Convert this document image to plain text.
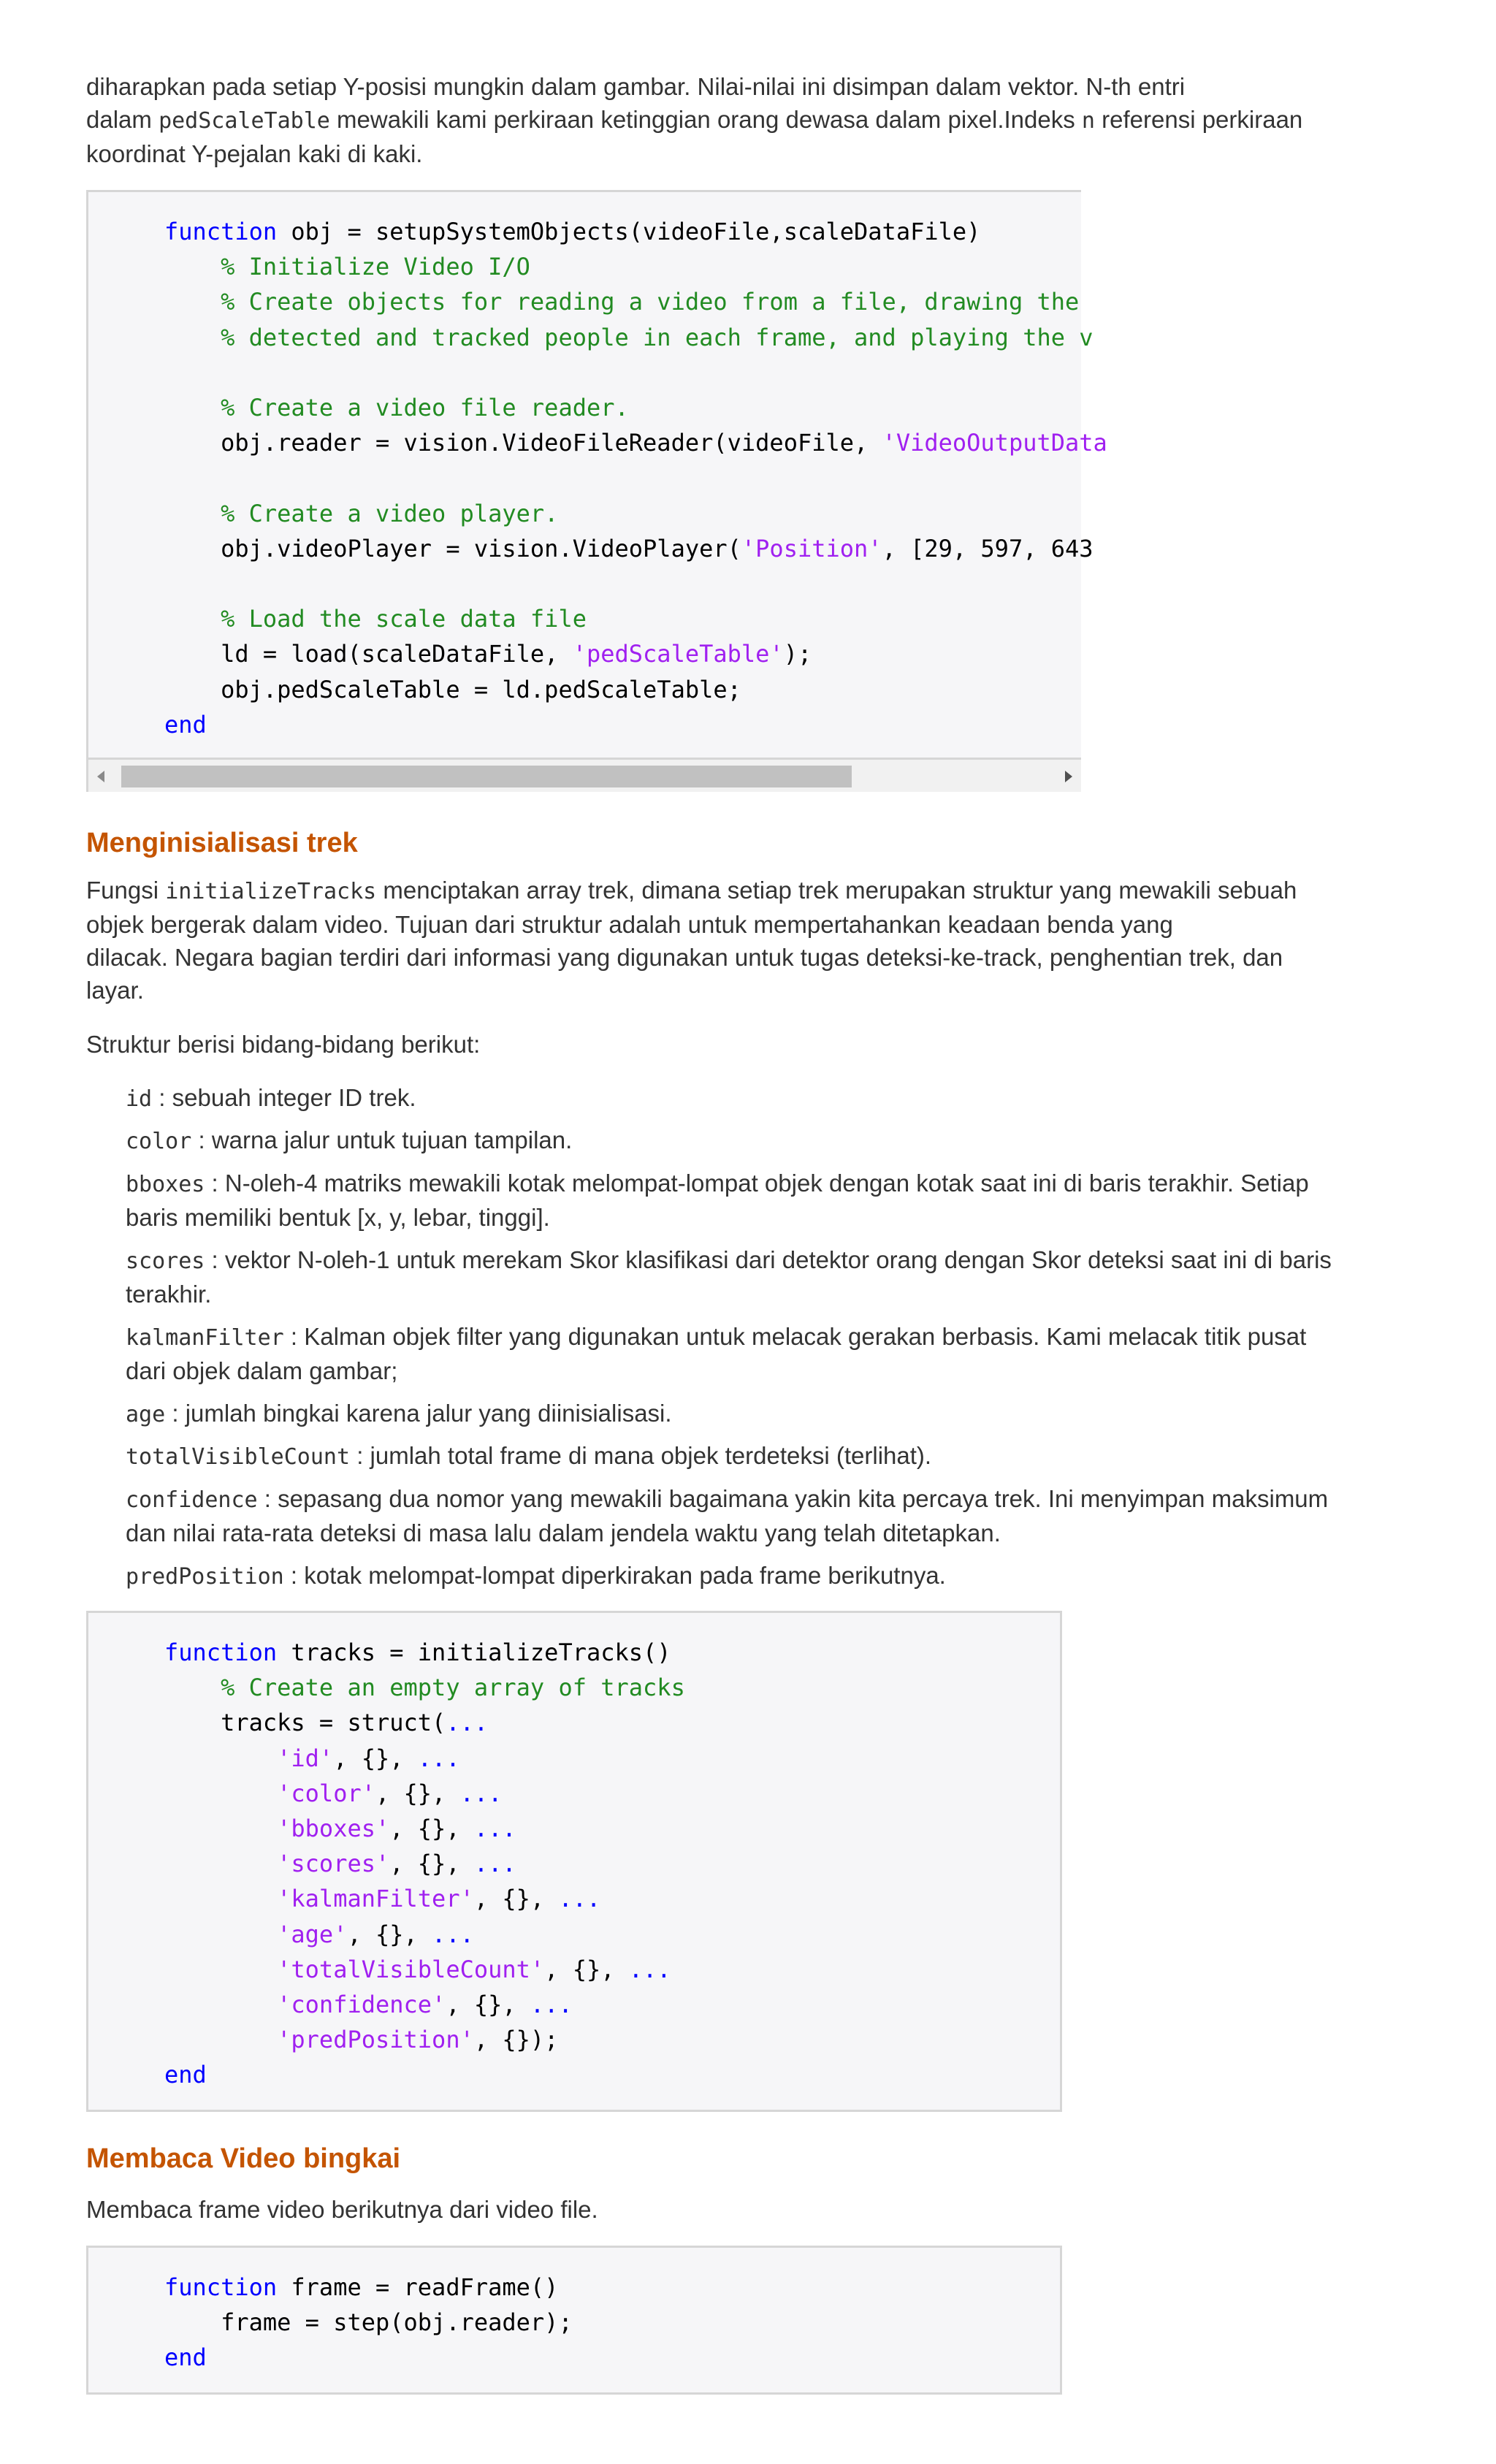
diharapkan pada setiap Y-posisi mungkin dalam gambar. Nilai-nilai ini disimpan dalam vektor. N-th entri
dalam pedScaleTable mewakili kami perkiraan ketinggian orang dewasa dalam pixel.Indeks n referensi perkiraan
koordinat Y-pejalan kaki di kaki.

function obj = setupSystemObjects(videoFile,scaleDataFile)
% Initialize Video I/O
% Create objects for reading a video from a file, drawing the
% detected and tracked people in each frame, and playing the v

% Create a video file reader.
obj.reader = vision.VideoFileReader(videoFile, 'VideoOutputData

% Create a video player.
obj.videoPlayer = vision.VideoPlayer('Position', [29, 597, 643

% Load the scale data file
ld = load(scaleDataFile, 'pedScaleTable');
obj.pedScaleTable = ld.pedScaleTable;
end
Menginisialisasi trek

Fungsi initializeTracks menciptakan array trek, dimana setiap trek merupakan struktur yang mewakili sebuah
objek bergerak dalam video. Tujuan dari struktur adalah untuk mempertahankan keadaan benda yang
dilacak. Negara bagian terdiri dari informasi yang digunakan untuk tugas deteksi-ke-track, penghentian trek, dan
layar.

Struktur berisi bidang-bidang berikut:

id : sebuah integer ID trek.
color : warna jalur untuk tujuan tampilan.
bboxes : N-oleh-4 matriks mewakili kotak melompat-lompat objek dengan kotak saat ini di baris terakhir. Setiap
baris memiliki bentuk [x, y, lebar, tinggi].
scores : vektor N-oleh-1 untuk merekam Skor klasifikasi dari detektor orang dengan Skor deteksi saat ini di baris
terakhir.
kalmanFilter : Kalman objek filter yang digunakan untuk melacak gerakan berbasis. Kami melacak titik pusat
dari objek dalam gambar;
age : jumlah bingkai karena jalur yang diinisialisasi.
totalVisibleCount : jumlah total frame di mana objek terdeteksi (terlihat).
confidence : sepasang dua nomor yang mewakili bagaimana yakin kita percaya trek. Ini menyimpan maksimum
dan nilai rata-rata deteksi di masa lalu dalam jendela waktu yang telah ditetapkan.
predPosition : kotak melompat-lompat diperkirakan pada frame berikutnya.
function tracks = initializeTracks()
% Create an empty array of tracks
tracks = struct(...
'id', {}, ...
'color', {}, ...
'bboxes', {}, ...
'scores', {}, ...
'kalmanFilter', {}, ...
'age', {}, ...
'totalVisibleCount', {}, ...
'confidence', {}, ...
'predPosition', {});
end
Membaca Video bingkai

Membaca frame video berikutnya dari video file.

function frame = readFrame()
frame = step(obj.reader);
end
